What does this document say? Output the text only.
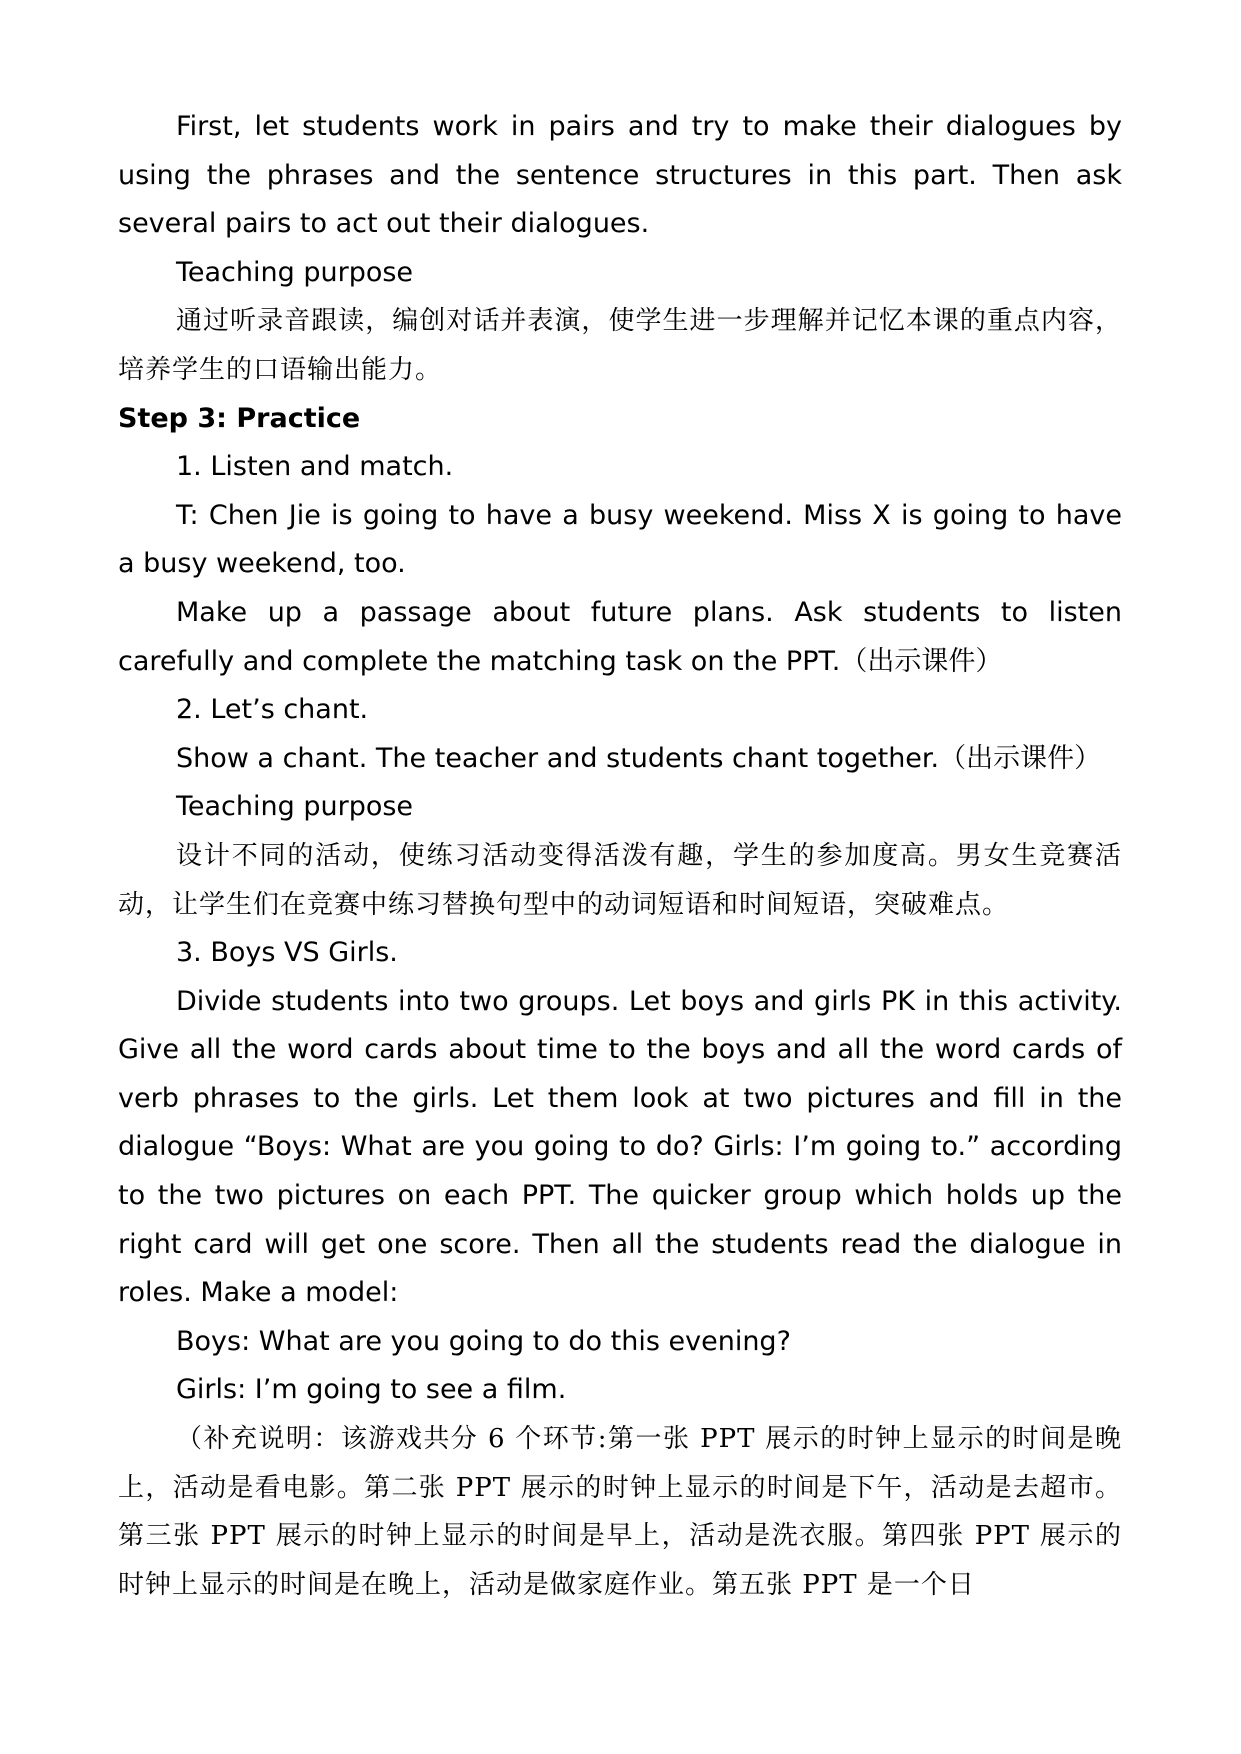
First, let students work in pairs and try to make their dialogues by using the phrases and the sentence structures in this part. Then ask several pairs to act out their dialogues.

Teaching purpose

通过听录音跟读，编创对话并表演，使学生进一步理解并记忆本课的重点内容，培养学生的口语输出能力。

Step 3: Practice

1. Listen and match.

T: Chen Jie is going to have a busy weekend. Miss X is going to have a busy weekend, too.

Make up a passage about future plans. Ask students to listen carefully and complete the matching task on the PPT.（出示课件）

2. Let’s chant.

Show a chant. The teacher and students chant together.（出示课件）

Teaching purpose

设计不同的活动，使练习活动变得活泼有趣，学生的参加度高。男女生竞赛活动，让学生们在竞赛中练习替换句型中的动词短语和时间短语，突破难点。

3. Boys VS Girls.

Divide students into two groups. Let boys and girls PK in this activity. Give all the word cards about time to the boys and all the word cards of verb phrases to the girls. Let them look at two pictures and fill in the dialogue “Boys: What are you going to do? Girls: I’m going to.” according to the two pictures on each PPT. The quicker group which holds up the right card will get one score. Then all the students read the dialogue in roles. Make a model:

Boys: What are you going to do this evening?

Girls: I’m going to see a film.

（补充说明：该游戏共分 6 个环节:第一张 PPT 展示的时钟上显示的时间是晚上，活动是看电影。第二张 PPT 展示的时钟上显示的时间是下午，活动是去超市。第三张 PPT 展示的时钟上显示的时间是早上，活动是洗衣服。第四张 PPT 展示的时钟上显示的时间是在晚上，活动是做家庭作业。第五张 PPT 是一个日
